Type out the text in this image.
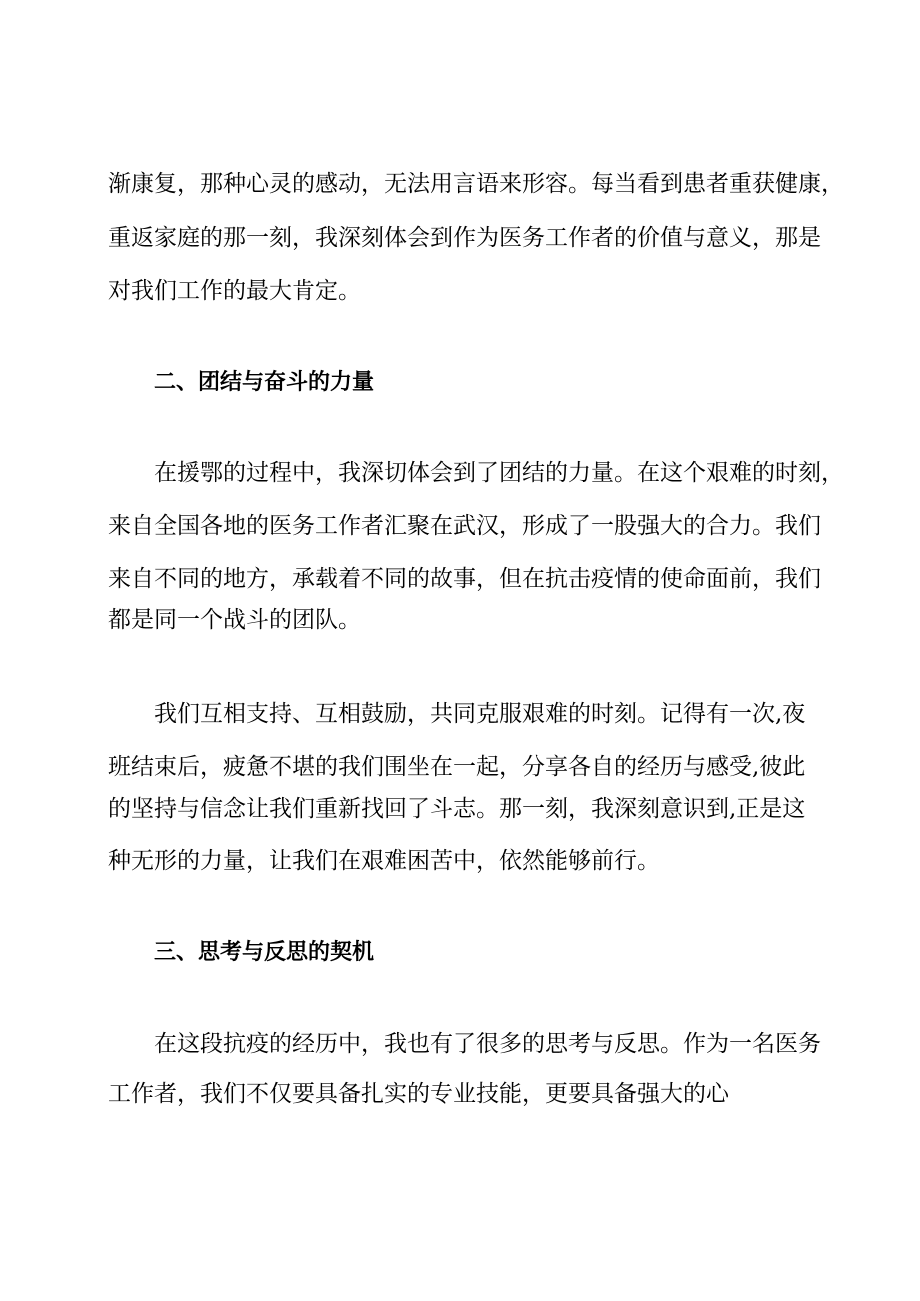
渐康复，那种心灵的感动，无法用言语来形容。每当看到患者重获健康，
重返家庭的那一刻，我深刻体会到作为医务工作者的价值与意义，那是
对我们工作的最大肯定。
二、团结与奋斗的力量
在援鄂的过程中，我深切体会到了团结的力量。在这个艰难的时刻，
来自全国各地的医务工作者汇聚在武汉，形成了一股强大的合力。我们
来自不同的地方，承载着不同的故事，但在抗击疫情的使命面前，我们
都是同一个战斗的团队。
我们互相支持、互相鼓励，共同克服艰难的时刻。记得有一次,夜
班结束后，疲惫不堪的我们围坐在一起，分享各自的经历与感受,彼此
的坚持与信念让我们重新找回了斗志。那一刻，我深刻意识到,正是这
种无形的力量，让我们在艰难困苦中，依然能够前行。
三、思考与反思的契机
在这段抗疫的经历中，我也有了很多的思考与反思。作为一名医务
工作者，我们不仅要具备扎实的专业技能，更要具备强大的心
